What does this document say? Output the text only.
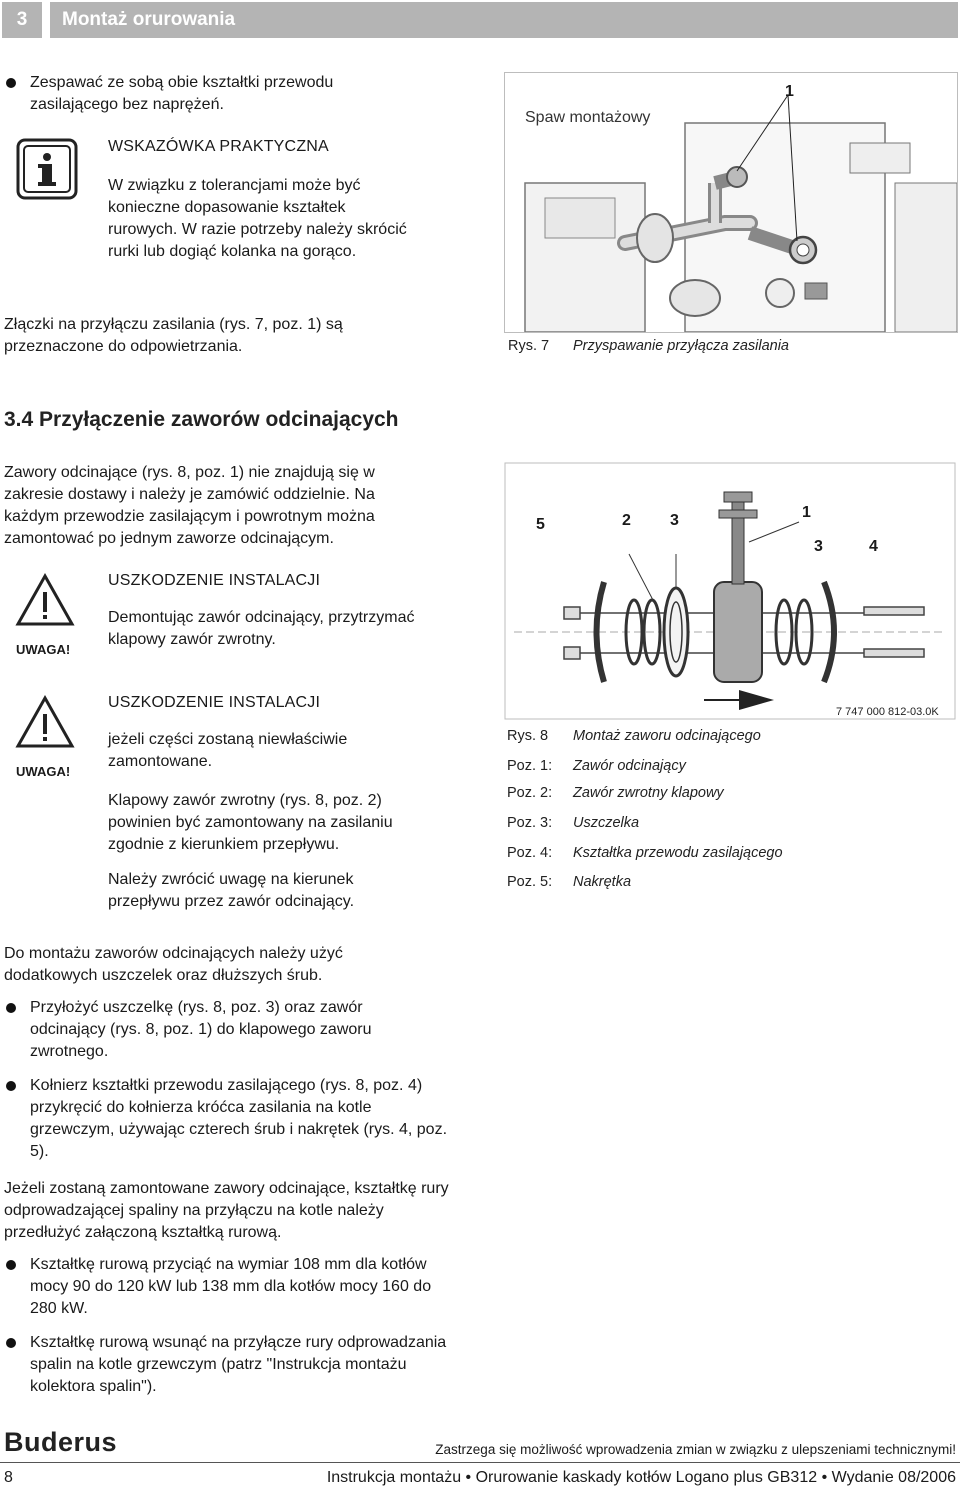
3	Montaż orurowania
Zespawać ze sobą obie kształtki przewodu zasilającego bez naprężeń.
WSKAZÓWKA PRAKTYCZNA
W związku z tolerancjami może być konieczne dopasowanie kształtek rurowych. W razie potrzeby należy skrócić rurki lub dogiąć kolanka na gorąco.
Złączki na przyłączu zasilania (rys. 7, poz. 1) są przeznaczone do odpowietrzania.
Spaw montażowy
1
Rys. 7 Przyspawanie przyłącza zasilania
3.4 Przyłączenie zaworów odcinających
Zawory odcinające (rys. 8, poz. 1) nie znajdują się w zakresie dostawy i należy je zamówić oddzielnie. Na każdym przewodzie zasilającym i powrotnym można zamontować po jednym zaworze odcinającym.
UWAGA!
USZKODZENIE INSTALACJI
Demontując zawór odcinający, przytrzymać klapowy zawór zwrotny.
UWAGA!
USZKODZENIE INSTALACJI
jeżeli części zostaną niewłaściwie zamontowane.
Klapowy zawór zwrotny (rys. 8, poz. 2) powinien być zamontowany na zasilaniu zgodnie z kierunkiem przepływu.
Należy zwrócić uwagę na kierunek przepływu przez zawór odcinający.
5	2 3	1
3	4
7 747 000 812-03.0K
Rys. 8 Montaż zaworu odcinającego
Poz. 1: Zawór odcinający
Poz. 2: Zawór zwrotny klapowy
Poz. 3: Uszczelka
Poz. 4: Kształtka przewodu zasilającego
Poz. 5: Nakrętka
Do montażu zaworów odcinających należy użyć dodatkowych uszczelek oraz dłuższych śrub.
Przyłożyć uszczelkę (rys. 8, poz. 3) oraz zawór odcinający (rys. 8, poz. 1) do klapowego zaworu zwrotnego.
Kołnierz kształtki przewodu zasilającego (rys. 8, poz. 4) przykręcić do kołnierza króćca zasilania na kotle grzewczym, używając czterech śrub i nakrętek (rys. 4, poz. 5).
Jeżeli zostaną zamontowane zawory odcinające, kształtkę rury odprowadzającej spaliny na przyłączu na kotle należy przedłużyć załączoną kształtką rurową.
Kształtkę rurową przyciąć na wymiar 108 mm dla kotłów mocy 90 do 120 kW lub 138 mm dla kotłów mocy 160 do 280 kW.
Kształtkę rurową wsunąć na przyłącze rury odprowadzania spalin na kotle grzewczym (patrz "Instrukcja montażu kolektora spalin").
Buderus	Zastrzega się możliwość wprowadzenia zmian w związku z ulepszeniami technicznymi!
8	Instrukcja montażu • Orurowanie kaskady kotłów Logano plus GB312 • Wydanie 08/2006
